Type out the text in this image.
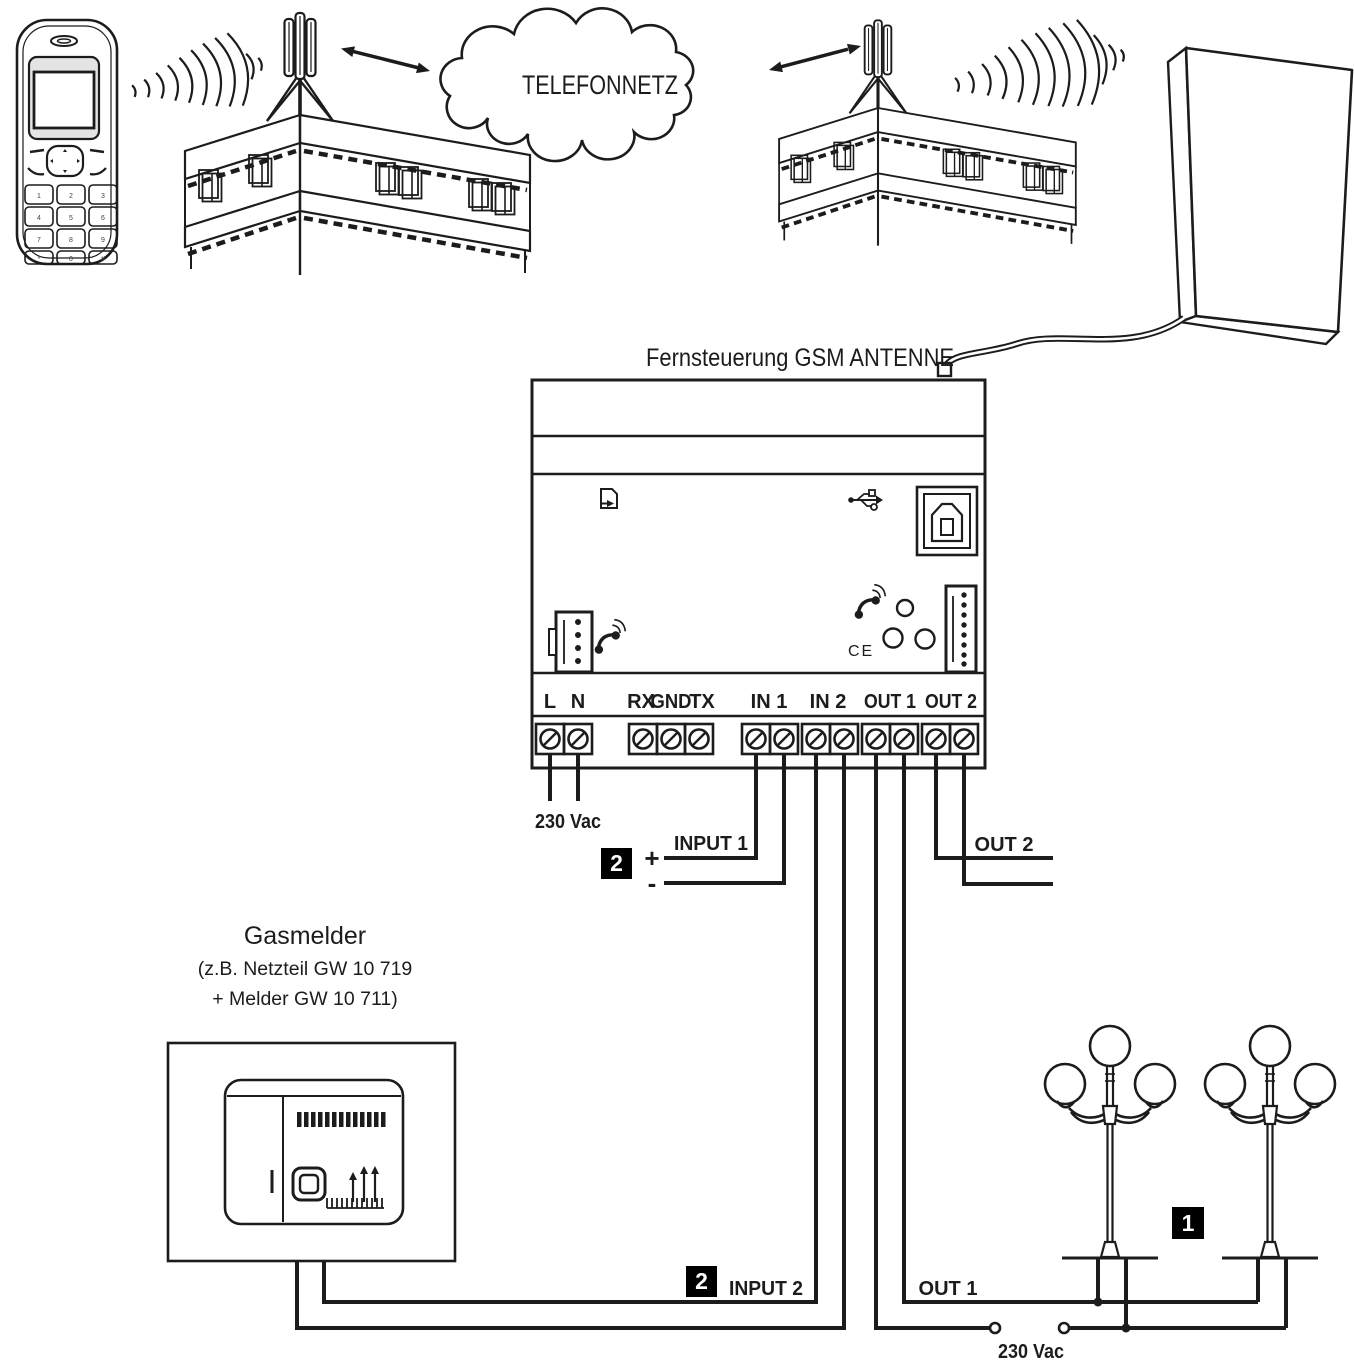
1	2	3
4	5	6
7	8	9
*	0	#
TELEFONNETZ
Fernsteuerung GSM ANTENNE
CE
L N RX
GND
TX IN 1 IN 2 OUT 1 OUT 2
230 Vac
+
-
INPUT 1	OUT 2
INPUT 2	OUT 1
230 Vac
2
2
1
Gasmelder
(z.B. Netzteil GW 10 719
+ Melder GW 10 711)
